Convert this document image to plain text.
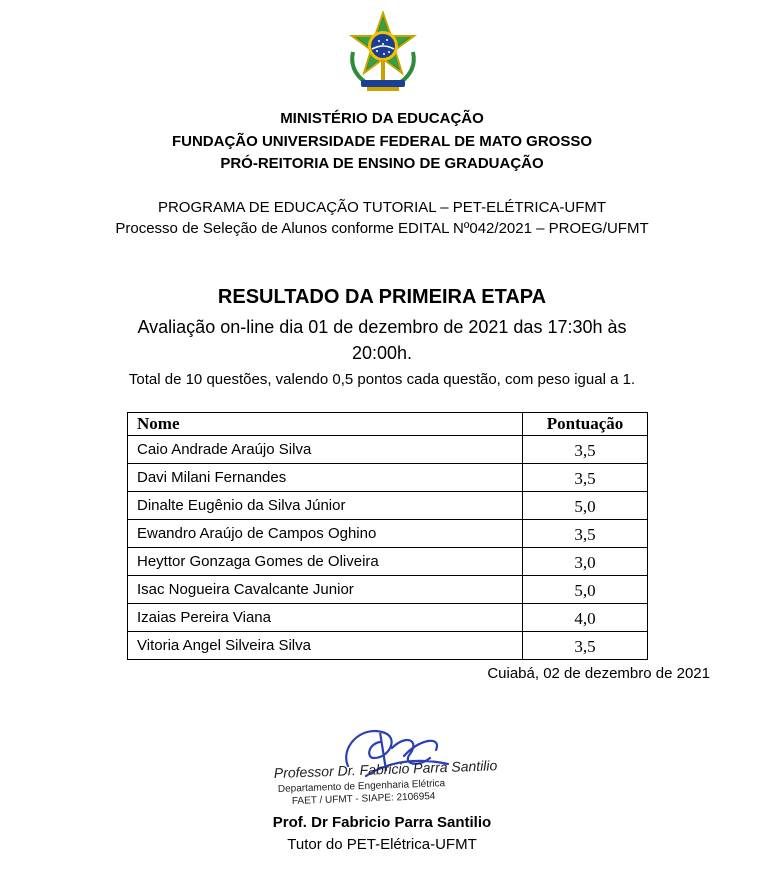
MINISTÉRIO DA EDUCAÇÃO
FUNDAÇÃO UNIVERSIDADE FEDERAL DE MATO GROSSO
PRÓ-REITORIA DE ENSINO DE GRADUAÇÃO
PROGRAMA DE EDUCAÇÃO TUTORIAL – PET-ELÉTRICA-UFMT
Processo de Seleção de Alunos conforme EDITAL Nº042/2021 – PROEG/UFMT
RESULTADO DA PRIMEIRA ETAPA
Avaliação on-line dia 01 de dezembro de 2021 das 17:30h às
20:00h.
Total de 10 questões, valendo 0,5 pontos cada questão, com peso igual a 1.
Nome	Pontuação
Caio Andrade Araújo Silva	3,5
Davi Milani Fernandes	3,5
Dinalte Eugênio da Silva Júnior	5,0
Ewandro Araújo de Campos Oghino	3,5
Heyttor Gonzaga Gomes de Oliveira	3,0
Isac Nogueira Cavalcante Junior	5,0
Izaias Pereira Viana	4,0
Vitoria Angel Silveira Silva	3,5
Cuiabá, 02 de dezembro de 2021
Professor Dr. Fabricio Parra Santilio
Departamento de Engenharia Elétrica
FAET / UFMT - SIAPE: 2106954
Prof. Dr Fabricio Parra Santilio
Tutor do PET-Elétrica-UFMT
